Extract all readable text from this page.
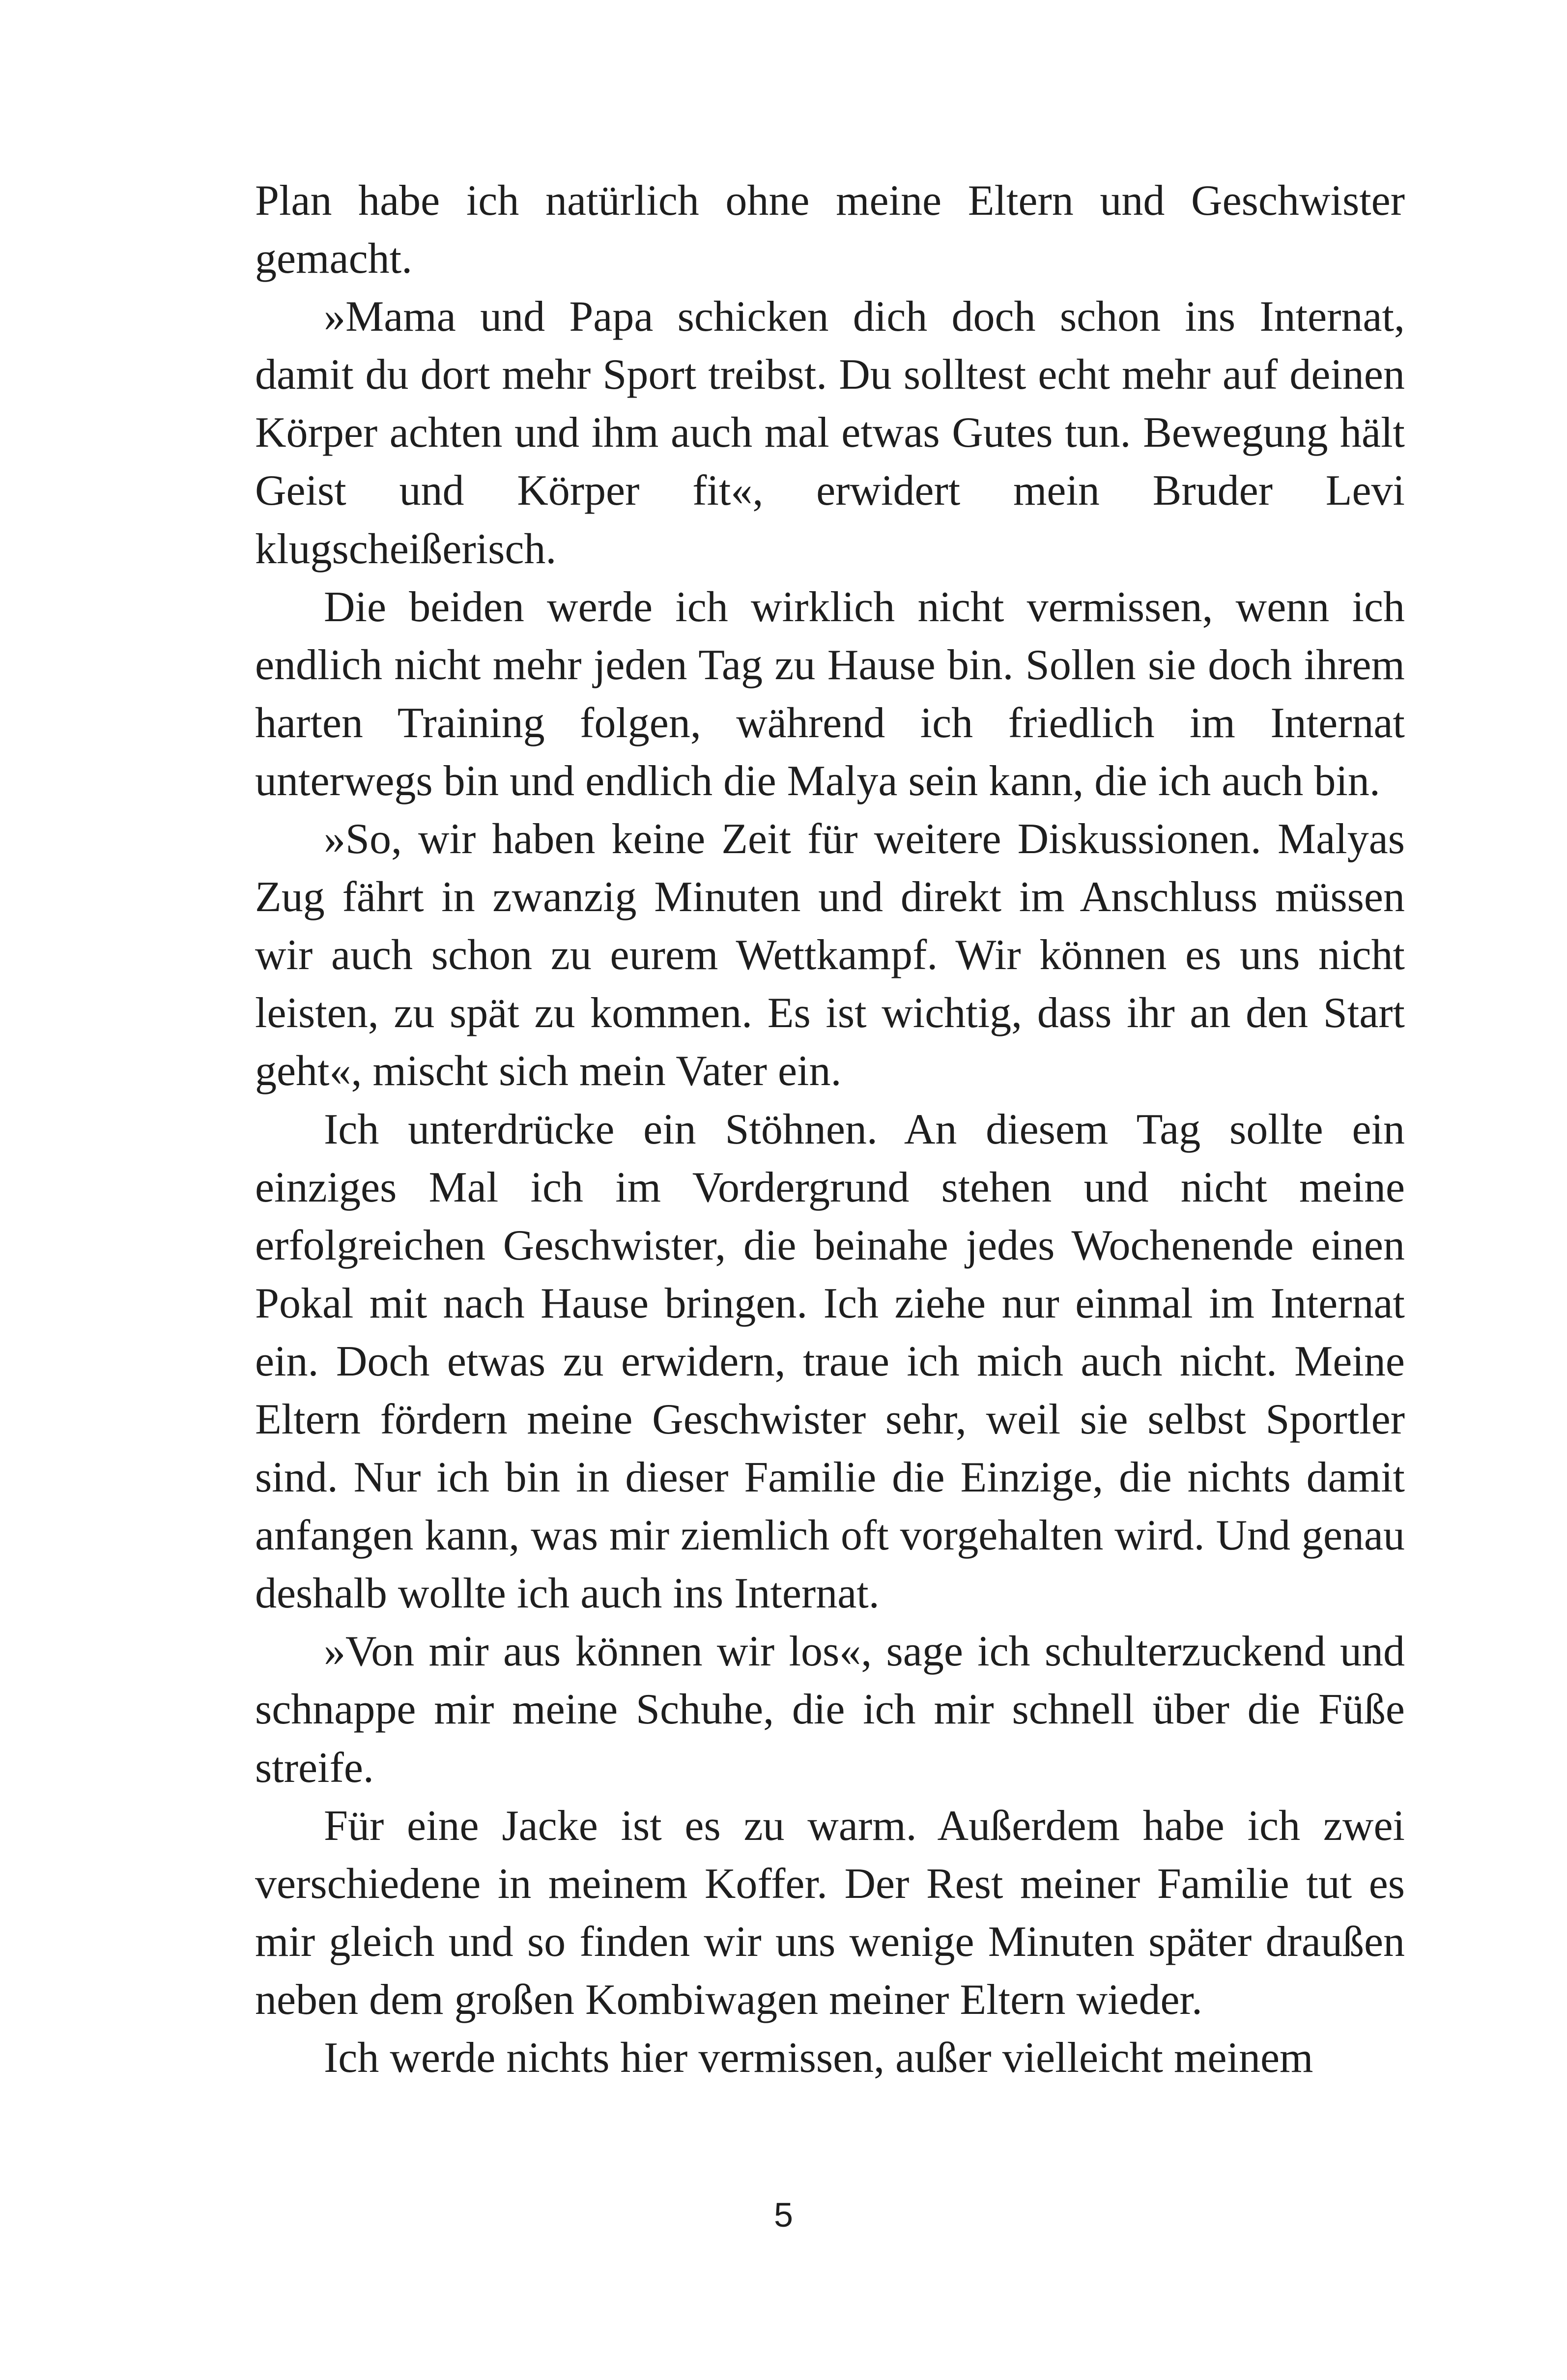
Plan habe ich natürlich ohne meine Eltern und Geschwister gemacht.

»Mama und Papa schicken dich doch schon ins Internat, damit du dort mehr Sport treibst. Du solltest echt mehr auf deinen Körper achten und ihm auch mal etwas Gutes tun. Bewegung hält Geist und Körper fit«, erwidert mein Bruder Levi klugscheißerisch.

Die beiden werde ich wirklich nicht vermissen, wenn ich endlich nicht mehr jeden Tag zu Hause bin. Sollen sie doch ihrem harten Training folgen, während ich friedlich im Internat unterwegs bin und endlich die Malya sein kann, die ich auch bin.

»So, wir haben keine Zeit für weitere Diskussionen. Malyas Zug fährt in zwanzig Minuten und direkt im Anschluss müssen wir auch schon zu eurem Wettkampf. Wir können es uns nicht leisten, zu spät zu kommen. Es ist wichtig, dass ihr an den Start geht«, mischt sich mein Vater ein.

Ich unterdrücke ein Stöhnen. An diesem Tag sollte ein einziges Mal ich im Vordergrund stehen und nicht meine erfolgreichen Geschwister, die beinahe jedes Wochenende einen Pokal mit nach Hause bringen. Ich ziehe nur einmal im Internat ein. Doch etwas zu erwidern, traue ich mich auch nicht. Meine Eltern fördern meine Geschwister sehr, weil sie selbst Sportler sind. Nur ich bin in dieser Familie die Einzige, die nichts damit anfangen kann, was mir ziemlich oft vorgehalten wird. Und genau deshalb wollte ich auch ins Internat.

»Von mir aus können wir los«, sage ich schulterzuckend und schnappe mir meine Schuhe, die ich mir schnell über die Füße streife.

Für eine Jacke ist es zu warm. Außerdem habe ich zwei verschiedene in meinem Koffer. Der Rest meiner Familie tut es mir gleich und so finden wir uns wenige Minuten später draußen neben dem großen Kombiwagen meiner Eltern wieder.

Ich werde nichts hier vermissen, außer vielleicht meinem

5
